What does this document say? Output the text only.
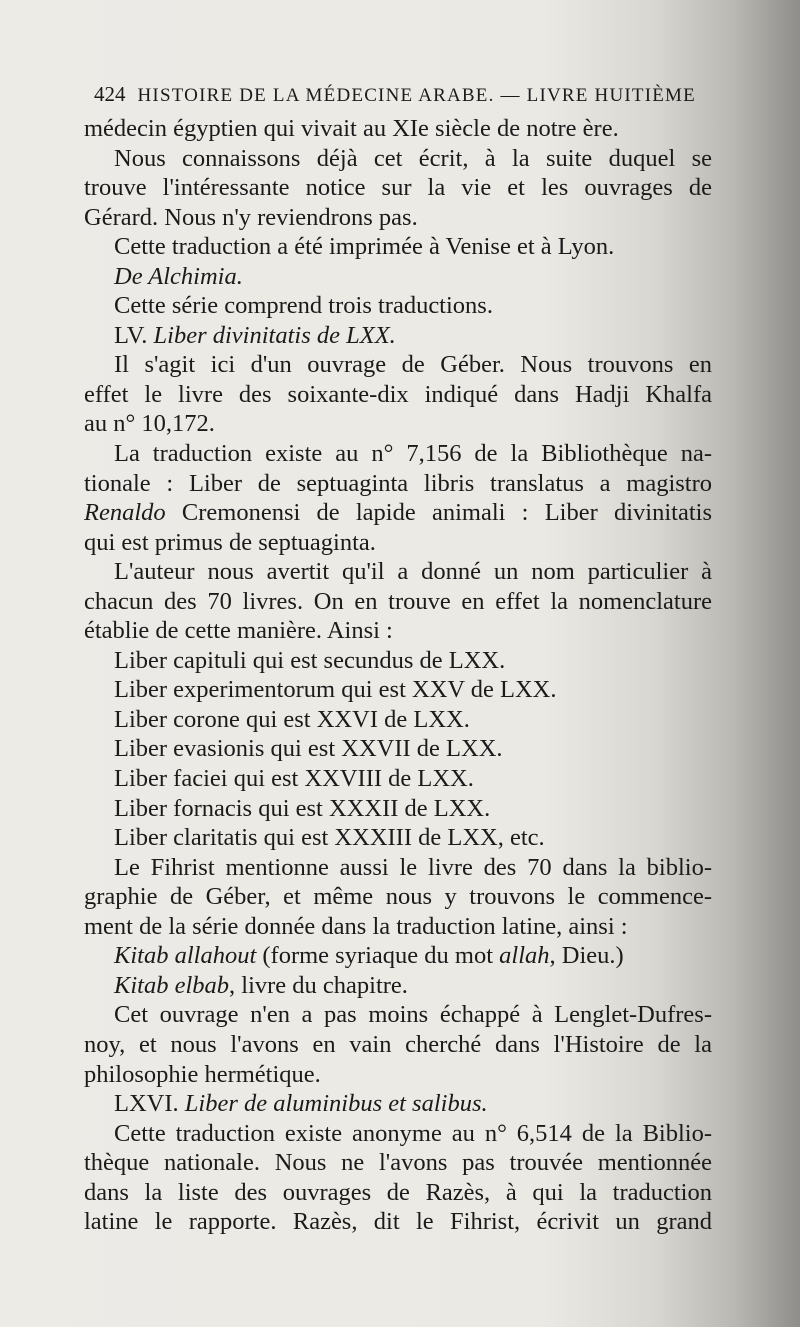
424 HISTOIRE DE LA MÉDECINE ARABE. — LIVRE HUITIÈME
médecin égyptien qui vivait au XIe siècle de notre ère.
Nous connaissons déjà cet écrit, à la suite duquel se
trouve l'intéressante notice sur la vie et les ouvrages de
Gérard. Nous n'y reviendrons pas.
Cette traduction a été imprimée à Venise et à Lyon.
De Alchimia.
Cette série comprend trois traductions.
LV. Liber divinitatis de LXX.
Il s'agit ici d'un ouvrage de Géber. Nous trouvons en
effet le livre des soixante-dix indiqué dans Hadji Khalfa
au n° 10,172.
La traduction existe au n° 7,156 de la Bibliothèque na-
tionale : Liber de septuaginta libris translatus a magistro
Renaldo Cremonensi de lapide animali : Liber divinitatis
qui est primus de septuaginta.
L'auteur nous avertit qu'il a donné un nom particulier à
chacun des 70 livres. On en trouve en effet la nomenclature
établie de cette manière. Ainsi :
Liber capituli qui est secundus de LXX.
Liber experimentorum qui est XXV de LXX.
Liber corone qui est XXVI de LXX.
Liber evasionis qui est XXVII de LXX.
Liber faciei qui est XXVIII de LXX.
Liber fornacis qui est XXXII de LXX.
Liber claritatis qui est XXXIII de LXX, etc.
Le Fihrist mentionne aussi le livre des 70 dans la biblio-
graphie de Géber, et même nous y trouvons le commence-
ment de la série donnée dans la traduction latine, ainsi :
Kitab allahout (forme syriaque du mot allah, Dieu.)
Kitab elbab, livre du chapitre.
Cet ouvrage n'en a pas moins échappé à Lenglet-Dufres-
noy, et nous l'avons en vain cherché dans l'Histoire de la
philosophie hermétique.
LXVI. Liber de aluminibus et salibus.
Cette traduction existe anonyme au n° 6,514 de la Biblio-
thèque nationale. Nous ne l'avons pas trouvée mentionnée
dans la liste des ouvrages de Razès, à qui la traduction
latine le rapporte. Razès, dit le Fihrist, écrivit un grand
